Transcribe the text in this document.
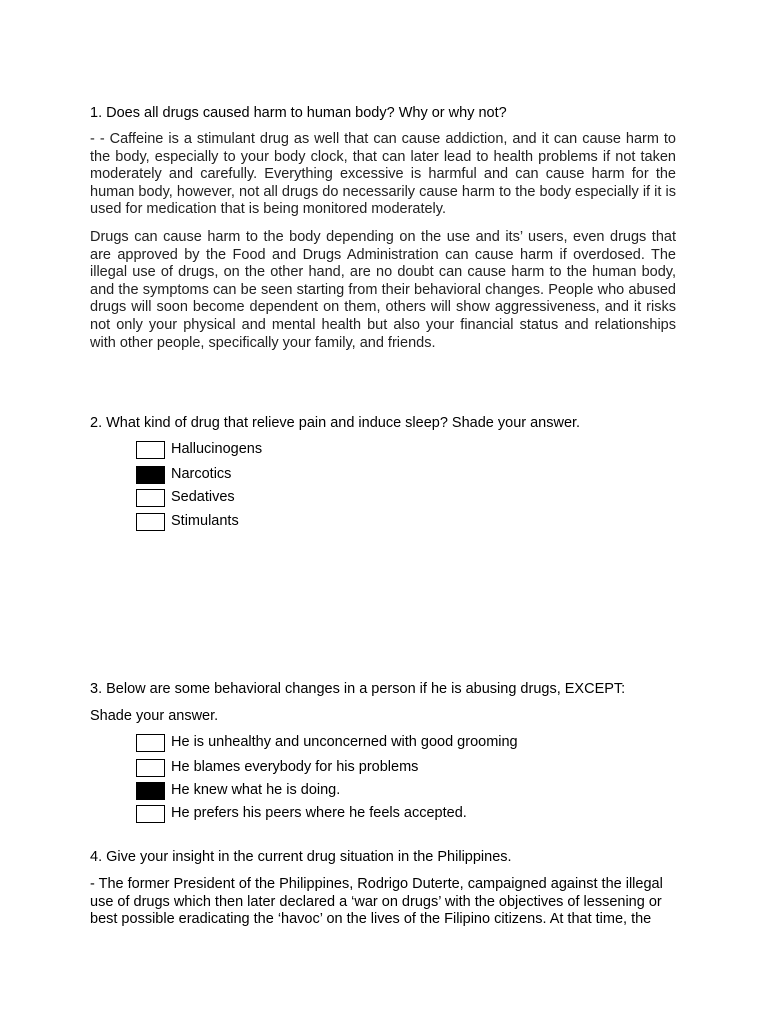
1. Does all drugs caused harm to human body? Why or why not?
- - Caffeine is a stimulant drug as well that can cause addiction, and it can cause harm to the body, especially to your body clock, that can later lead to health problems if not taken moderately and carefully. Everything excessive is harmful and can cause harm for the human body, however, not all drugs do necessarily cause harm to the body especially if it is used for medication that is being monitored moderately.
Drugs can cause harm to the body depending on the use and its’ users, even drugs that are approved by the Food and Drugs Administration can cause harm if overdosed. The illegal use of drugs, on the other hand, are no doubt can cause harm to the human body, and the symptoms can be seen starting from their behavioral changes. People who abused drugs will soon become dependent on them, others will show aggressiveness, and it risks not only your physical and mental health but also your financial status and relationships with other people, specifically your family, and friends.
2. What kind of drug that relieve pain and induce sleep? Shade your answer.
Hallucinogens
Narcotics
Sedatives
Stimulants
3. Below are some behavioral changes in a person if he is abusing drugs, EXCEPT:
Shade your answer.
He is unhealthy and unconcerned with good grooming
He blames everybody for his problems
He knew what he is doing.
He prefers his peers where he feels accepted.
4. Give your insight in the current drug situation in the Philippines.
- The former President of the Philippines, Rodrigo Duterte, campaigned against the illegal use of drugs which then later declared a ‘war on drugs’ with the objectives of lessening or best possible eradicating the ‘havoc’ on the lives of the Filipino citizens. At that time, the
